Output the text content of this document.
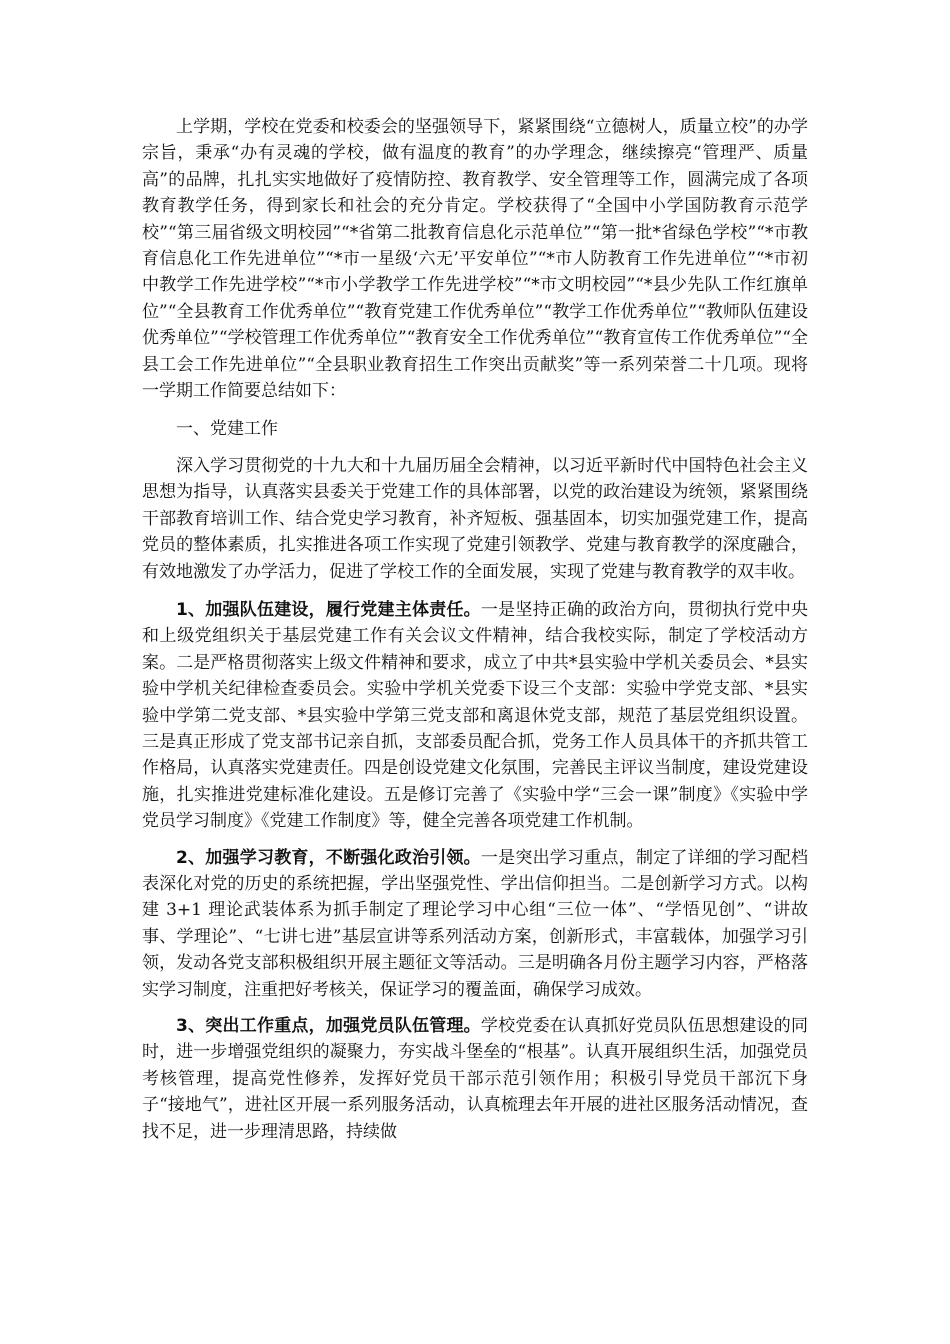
上学期，学校在党委和校委会的坚强领导下，紧紧围绕“立德树人，质量立校”的办学宗旨，秉承“办有灵魂的学校，做有温度的教育”的办学理念，继续擦亮“管理严、质量高”的品牌，扎扎实实地做好了疫情防控、教育教学、安全管理等工作，圆满完成了各项教育教学任务，得到家长和社会的充分肯定。学校获得了“全国中小学国防教育示范学校”“第三届省级文明校园”“*省第二批教育信息化示范单位”“第一批*省绿色学校”“*市教育信息化工作先进单位”“*市一星级‘六无’平安单位”“*市人防教育工作先进单位”“*市初中教学工作先进学校”“*市小学教学工作先进学校”“*市文明校园”“*县少先队工作红旗单位”“全县教育工作优秀单位”“教育党建工作优秀单位”“教学工作优秀单位”“教师队伍建设优秀单位”“学校管理工作优秀单位”“教育安全工作优秀单位”“教育宣传工作优秀单位”“全县工会工作先进单位”“全县职业教育招生工作突出贡献奖”等一系列荣誉二十几项。现将一学期工作简要总结如下：

一、党建工作

深入学习贯彻党的十九大和十九届历届全会精神，以习近平新时代中国特色社会主义思想为指导，认真落实县委关于党建工作的具体部署，以党的政治建设为统领，紧紧围绕干部教育培训工作、结合党史学习教育，补齐短板、强基固本，切实加强党建工作，提高党员的整体素质，扎实推进各项工作实现了党建引领教学、党建与教育教学的深度融合，有效地激发了办学活力，促进了学校工作的全面发展，实现了党建与教育教学的双丰收。

1、加强队伍建设，履行党建主体责任。一是坚持正确的政治方向，贯彻执行党中央和上级党组织关于基层党建工作有关会议文件精神，结合我校实际，制定了学校活动方案。二是严格贯彻落实上级文件精神和要求，成立了中共*县实验中学机关委员会、*县实验中学机关纪律检查委员会。实验中学机关党委下设三个支部：实验中学党支部、*县实验中学第二党支部、*县实验中学第三党支部和离退休党支部，规范了基层党组织设置。三是真正形成了党支部书记亲自抓，支部委员配合抓，党务工作人员具体干的齐抓共管工作格局，认真落实党建责任。四是创设党建文化氛围，完善民主评议当制度，建设党建设施，扎实推进党建标准化建设。五是修订完善了《实验中学“三会一课”制度》《实验中学党员学习制度》《党建工作制度》等，健全完善各项党建工作机制。

2、加强学习教育，不断强化政治引领。一是突出学习重点，制定了详细的学习配档表深化对党的历史的系统把握，学出坚强党性、学出信仰担当。二是创新学习方式。以构建 3+1 理论武装体系为抓手制定了理论学习中心组“三位一体”、“学悟见创”、“讲故事、学理论”、“七讲七进”基层宣讲等系列活动方案，创新形式，丰富载体，加强学习引领，发动各党支部积极组织开展主题征文等活动。三是明确各月份主题学习内容，严格落实学习制度，注重把好考核关，保证学习的覆盖面，确保学习成效。

3、突出工作重点，加强党员队伍管理。学校党委在认真抓好党员队伍思想建设的同时，进一步增强党组织的凝聚力，夯实战斗堡垒的“根基”。认真开展组织生活，加强党员考核管理，提高党性修养，发挥好党员干部示范引领作用；积极引导党员干部沉下身子“接地气”，进社区开展一系列服务活动，认真梳理去年开展的进社区服务活动情况，查找不足，进一步理清思路，持续做
